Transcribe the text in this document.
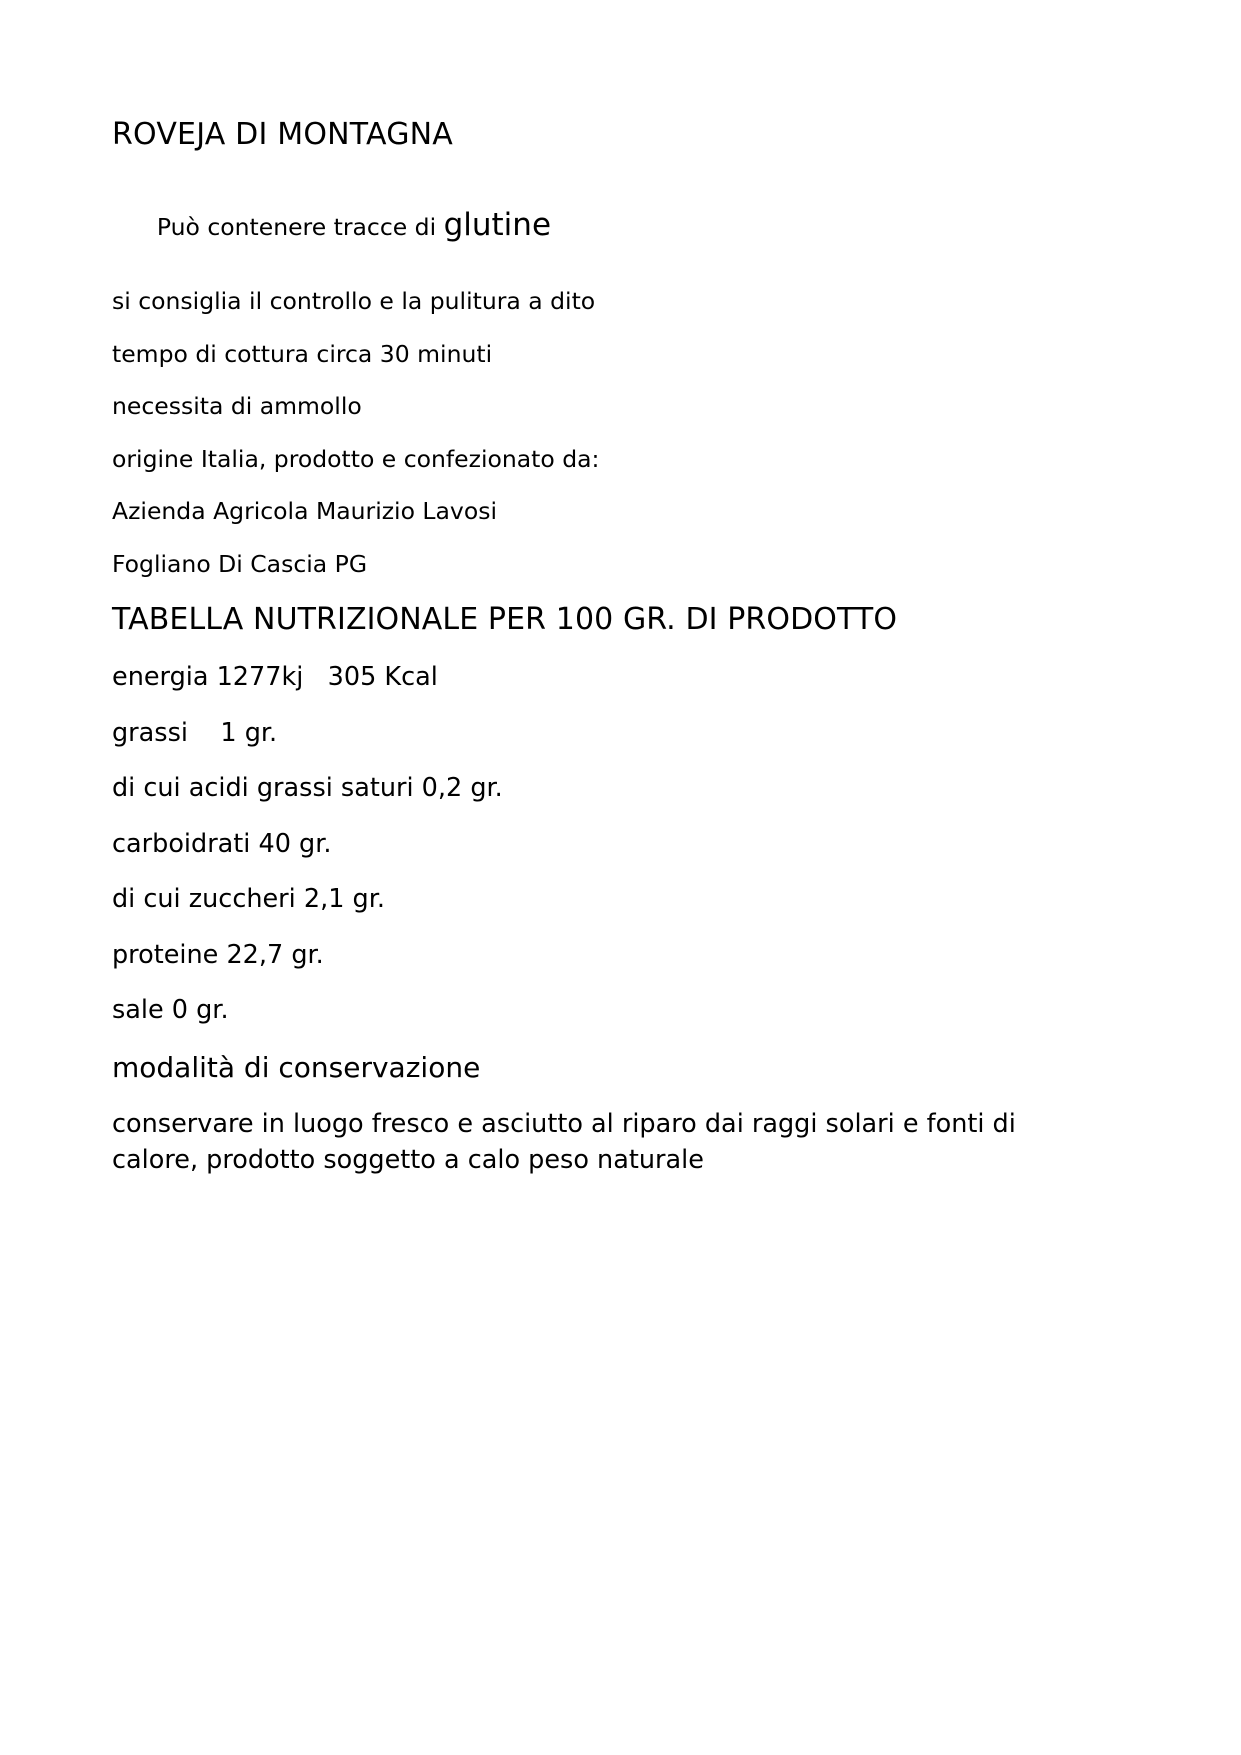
ROVEJA DI MONTAGNA

Può contenere tracce di glutine

si consiglia il controllo e la pulitura a dito
tempo di cottura circa 30 minuti
necessita di ammollo
origine Italia, prodotto e confezionato da:
Azienda Agricola Maurizio Lavosi
Fogliano Di Cascia PG
TABELLA NUTRIZIONALE PER 100 GR. DI PRODOTTO
energia 1277kj   305 Kcal
grassi    1 gr.
di cui acidi grassi saturi 0,2 gr.
carboidrati 40 gr.
di cui zuccheri 2,1 gr.
proteine 22,7 gr.
sale 0 gr.
modalità di conservazione
conservare in luogo fresco e asciutto al riparo dai raggi solari e fonti di calore, prodotto soggetto a calo peso naturale
